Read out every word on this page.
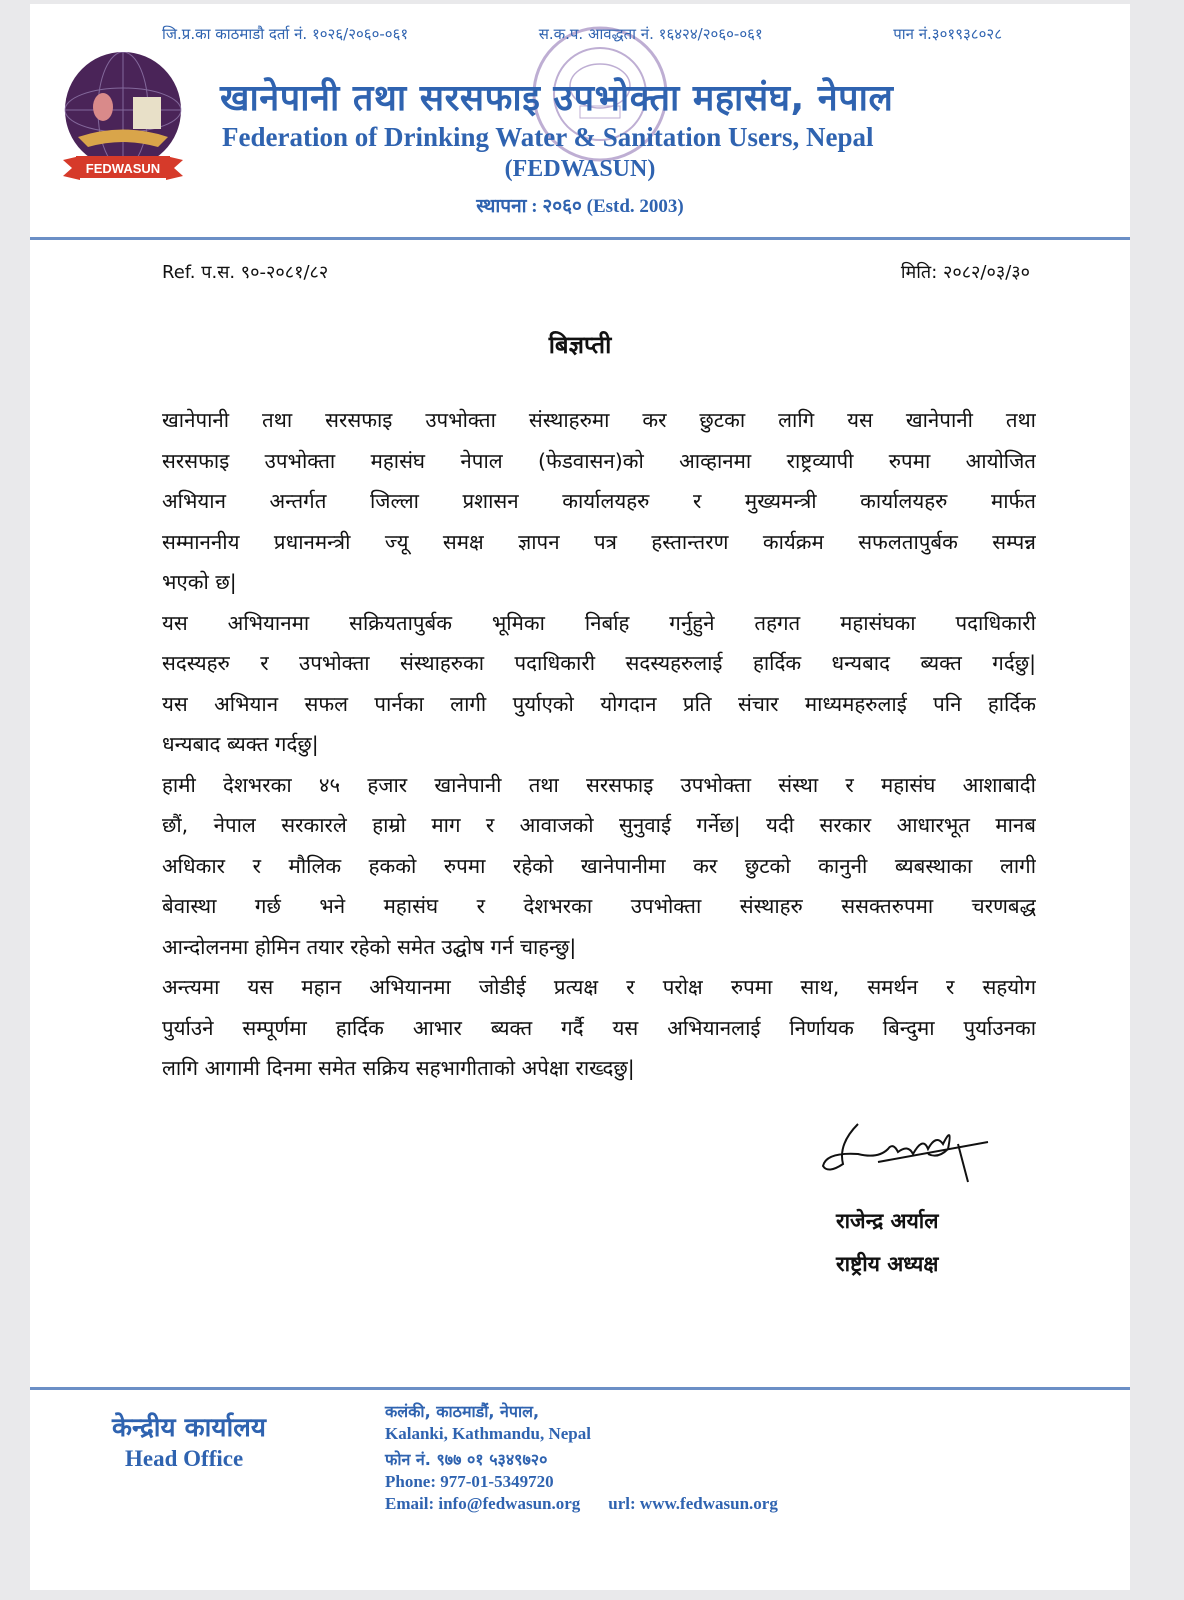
FEDWASUN
जि.प्र.का काठमाडौ दर्ता नं. १०२६/२०६०-०६१	स.क.प. आवद्धता नं. १६४२४/२०६०-०६१	पान नं.३०१९३८०२८
खानेपानी तथा सरसफाइ उपभोक्ता महासंघ, नेपाल
Federation of Drinking Water & Sanitation Users, Nepal
(FEDWASUN)
स्थापना : २०६० (Estd. 2003)
Ref. प.स. ९०-२०८१/८२	मिति: २०८२/०३/३०
बिज्ञप्ती
खानेपानी तथा सरसफाइ उपभोक्ता संस्थाहरुमा कर छुटका लागि यस खानेपानी तथा
सरसफाइ उपभोक्ता महासंघ नेपाल (फेडवासन)को आव्हानमा राष्ट्रव्यापी रुपमा आयोजित
अभियान अन्तर्गत जिल्ला प्रशासन कार्यालयहरु र मुख्यमन्त्री कार्यालयहरु मार्फत
सम्माननीय प्रधानमन्त्री ज्यू समक्ष ज्ञापन पत्र हस्तान्तरण कार्यक्रम सफलतापुर्बक सम्पन्न
भएको छ|
यस अभियानमा सक्रियतापुर्बक भूमिका निर्बाह गर्नुहुने तहगत महासंघका पदाधिकारी
सदस्यहरु र उपभोक्ता संस्थाहरुका पदाधिकारी सदस्यहरुलाई हार्दिक धन्यबाद ब्यक्त गर्दछु|
यस अभियान सफल पार्नका लागी पुर्याएको योगदान प्रति संचार माध्यमहरुलाई पनि हार्दिक
धन्यबाद ब्यक्त गर्दछु|
हामी देशभरका ४५ हजार खानेपानी तथा सरसफाइ उपभोक्ता संस्था र महासंघ आशाबादी
छौं, नेपाल सरकारले हाम्रो माग र आवाजको सुनुवाई गर्नेछ| यदी सरकार आधारभूत मानब
अधिकार र मौलिक हकको रुपमा रहेको खानेपानीमा कर छुटको कानुनी ब्यबस्थाका लागी
बेवास्था गर्छ भने महासंघ र देशभरका उपभोक्ता संस्थाहरु ससक्तरुपमा चरणबद्ध
आन्दोलनमा होमिन तयार रहेको समेत उद्घोष गर्न चाहन्छु|
अन्त्यमा यस महान अभियानमा जोडीई प्रत्यक्ष र परोक्ष रुपमा साथ, समर्थन र सहयोग
पुर्याउने सम्पूर्णमा हार्दिक आभार ब्यक्त गर्दै यस अभियानलाई निर्णायक बिन्दुमा पुर्याउनका
लागि आगामी दिनमा समेत सक्रिय सहभागीताको अपेक्षा राख्दछु|
राजेन्द्र अर्याल
राष्ट्रीय अध्यक्ष
केन्द्रीय कार्यालय
Head Office
कलंकी, काठमाडौं, नेपाल,
Kalanki, Kathmandu, Nepal
फोन नं. ९७७ ०१ ५३४९७२०
Phone: 977-01-5349720
Email: info@fedwasun.org url: www.fedwasun.org
